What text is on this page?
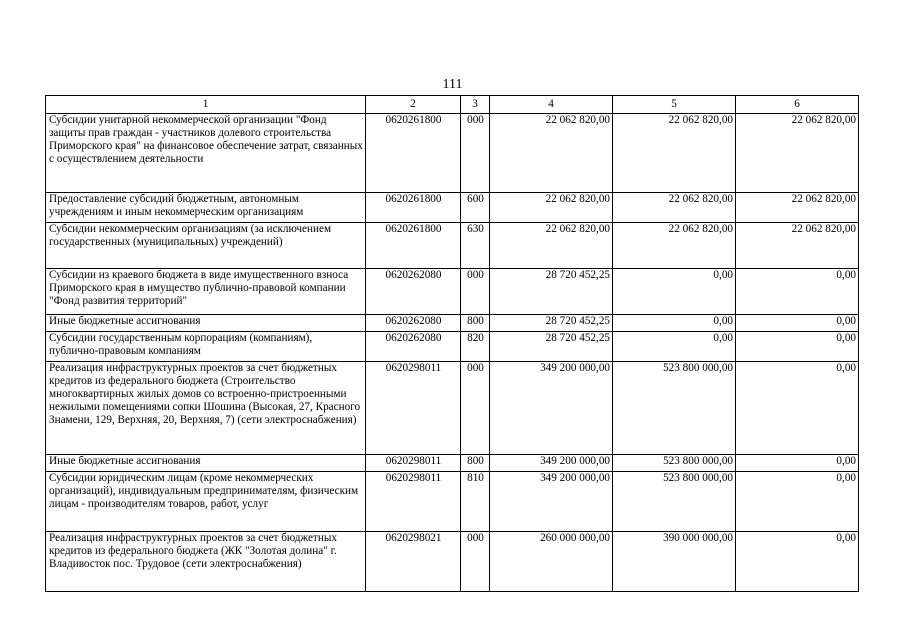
111
1	2	3	4	5	6
Субсидии унитарной некоммерческой организации "Фонд защиты прав граждан - участников долевого строительства Приморского края" на финансовое обеспечение затрат, связанных с осуществлением деятельности	0620261800	000	22 062 820,00	22 062 820,00	22 062 820,00
Предоставление субсидий бюджетным, автономным учреждениям и иным некоммерческим организациям	0620261800	600	22 062 820,00	22 062 820,00	22 062 820,00
Субсидии некоммерческим организациям (за исключением государственных (муниципальных) учреждений)	0620261800	630	22 062 820,00	22 062 820,00	22 062 820,00
Субсидии из краевого бюджета в виде имущественного взноса Приморского края в имущество публично-правовой компании "Фонд развития территорий"	0620262080	000	28 720 452,25	0,00	0,00
Иные бюджетные ассигнования	0620262080	800	28 720 452,25	0,00	0,00
Субсидии государственным корпорациям (компаниям), публично-правовым компаниям	0620262080	820	28 720 452,25	0,00	0,00
Реализация инфраструктурных проектов за счет бюджетных кредитов из федерального бюджета (Строительство многоквартирных жилых домов со встроенно-пристроенными нежилыми помещениями сопки Шошина (Высокая, 27, Красного Знамени, 129, Верхняя, 20, Верхняя, 7) (сети электроснабжения)	0620298011	000	349 200 000,00	523 800 000,00	0,00
Иные бюджетные ассигнования	0620298011	800	349 200 000,00	523 800 000,00	0,00
Субсидии юридическим лицам (кроме некоммерческих организаций), индивидуальным предпринимателям, физическим лицам - производителям товаров, работ, услуг	0620298011	810	349 200 000,00	523 800 000,00	0,00
Реализация инфраструктурных проектов за счет бюджетных кредитов из федерального бюджета (ЖК "Золотая долина" г. Владивосток пос. Трудовое (сети электроснабжения)	0620298021	000	260 000 000,00	390 000 000,00	0,00
